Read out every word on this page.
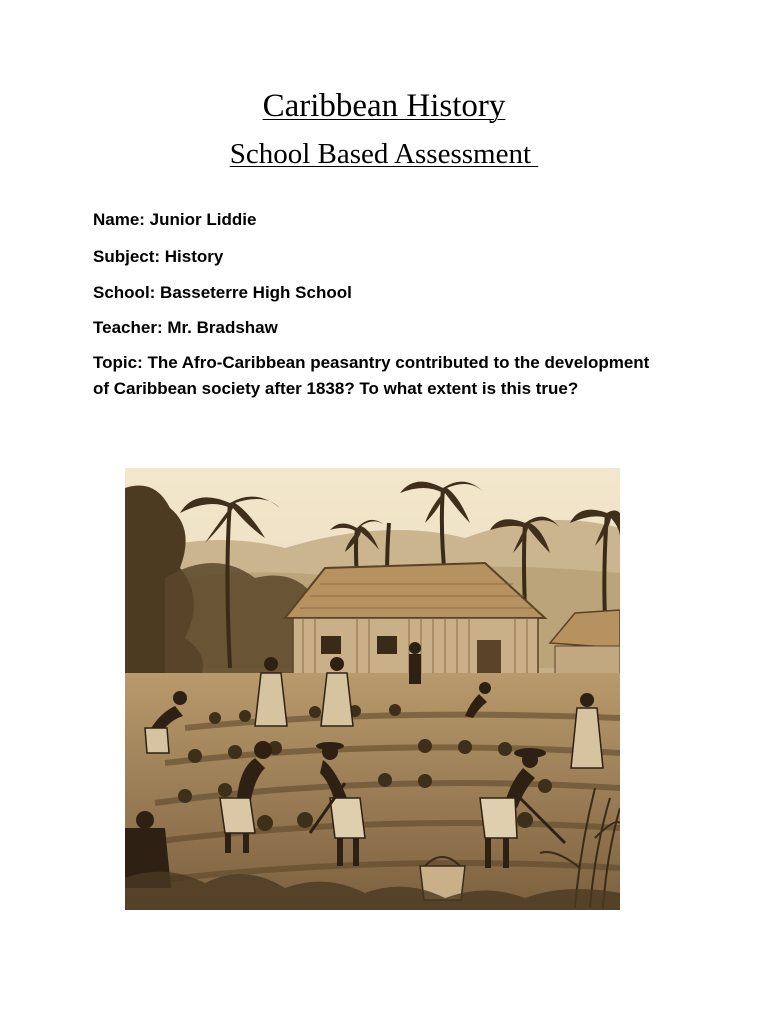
Caribbean History
School Based Assessment

Name: Junior Liddie

Subject: History

School: Basseterre High School

Teacher: Mr. Bradshaw

Topic: The Afro-Caribbean peasantry contributed to the development of Caribbean society after 1838? To what extent is this true?
